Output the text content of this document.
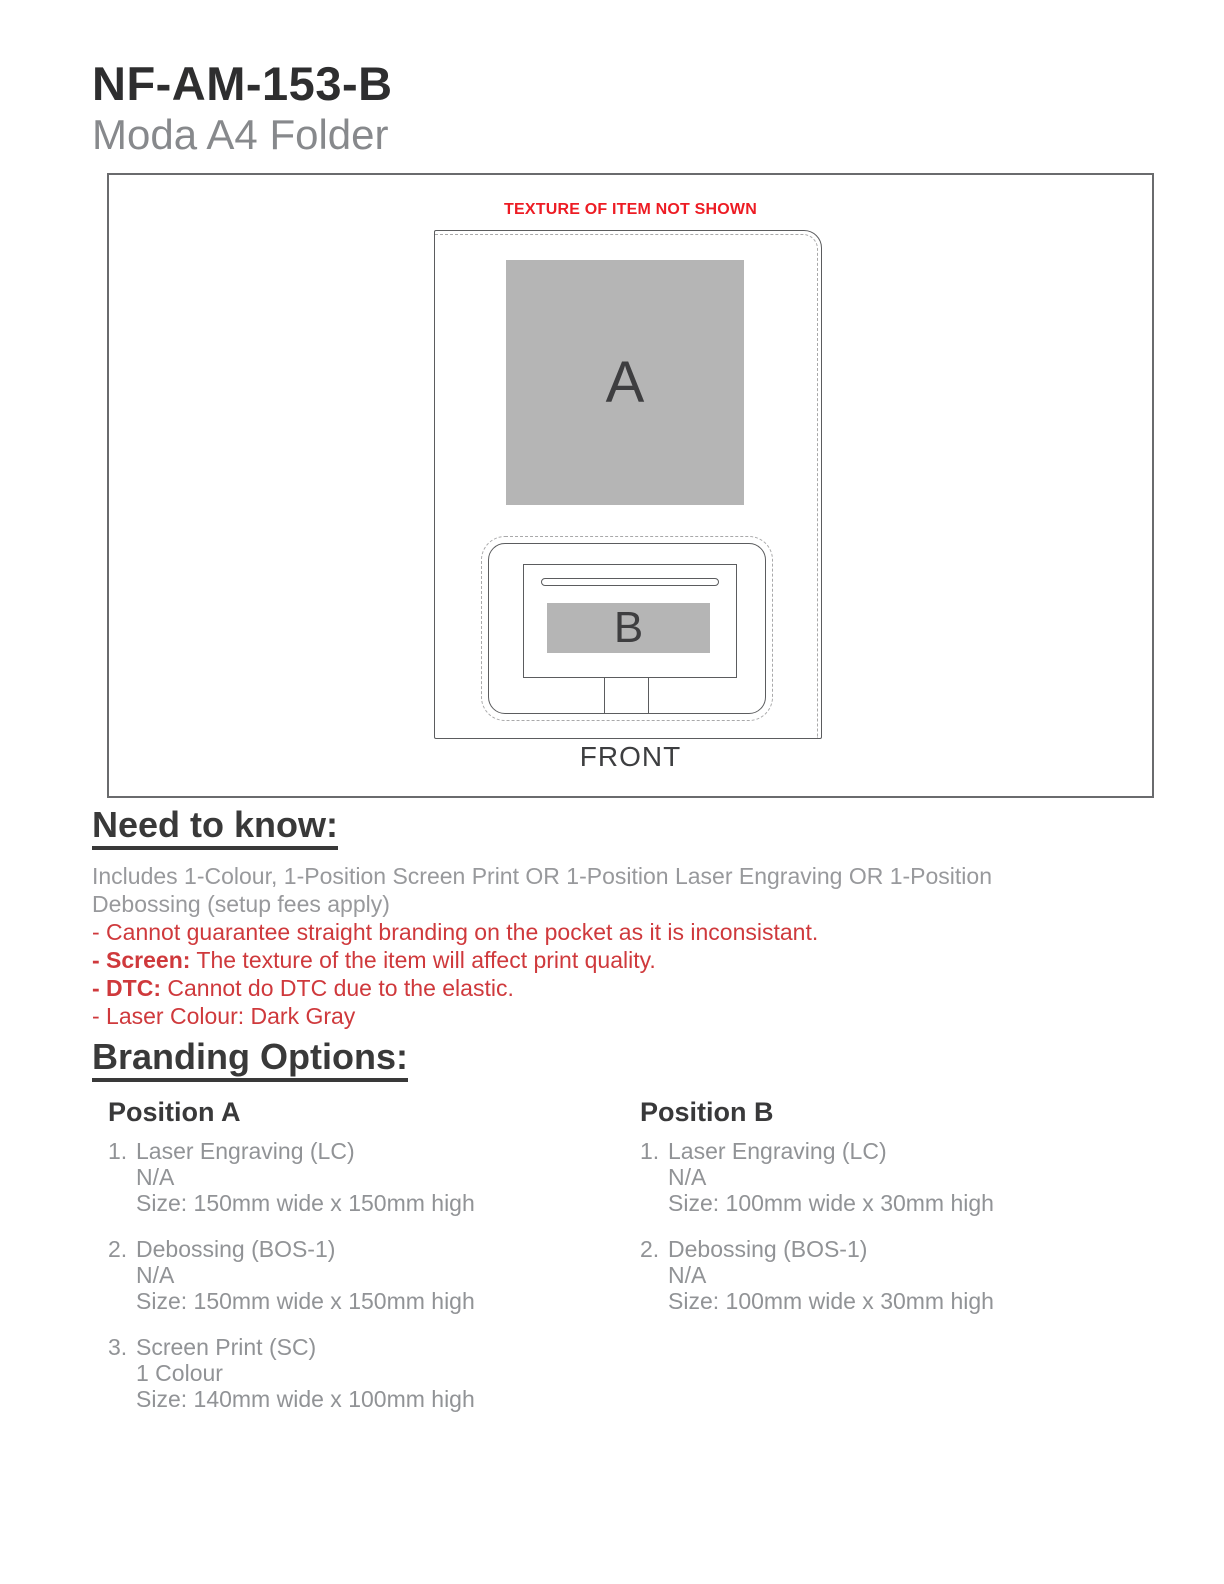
NF-AM-153-B
Moda A4 Folder
TEXTURE OF ITEM NOT SHOWN
A
B
FRONT
Need to know:
Includes 1-Colour, 1-Position Screen Print OR 1-Position Laser Engraving OR 1-Position Debossing (setup fees apply)
- Cannot guarantee straight branding on the pocket as it is inconsistant.
- Screen: The texture of the item will affect print quality.
- DTC: Cannot do DTC due to the elastic.
- Laser Colour: Dark Gray
Branding Options:
Position A
1. Laser Engraving (LC)
N/A
Size: 150mm wide x 150mm high
2. Debossing (BOS-1)
N/A
Size: 150mm wide x 150mm high
3. Screen Print (SC)
1 Colour
Size: 140mm wide x 100mm high
Position B
1. Laser Engraving (LC)
N/A
Size: 100mm wide x 30mm high
2. Debossing (BOS-1)
N/A
Size: 100mm wide x 30mm high
